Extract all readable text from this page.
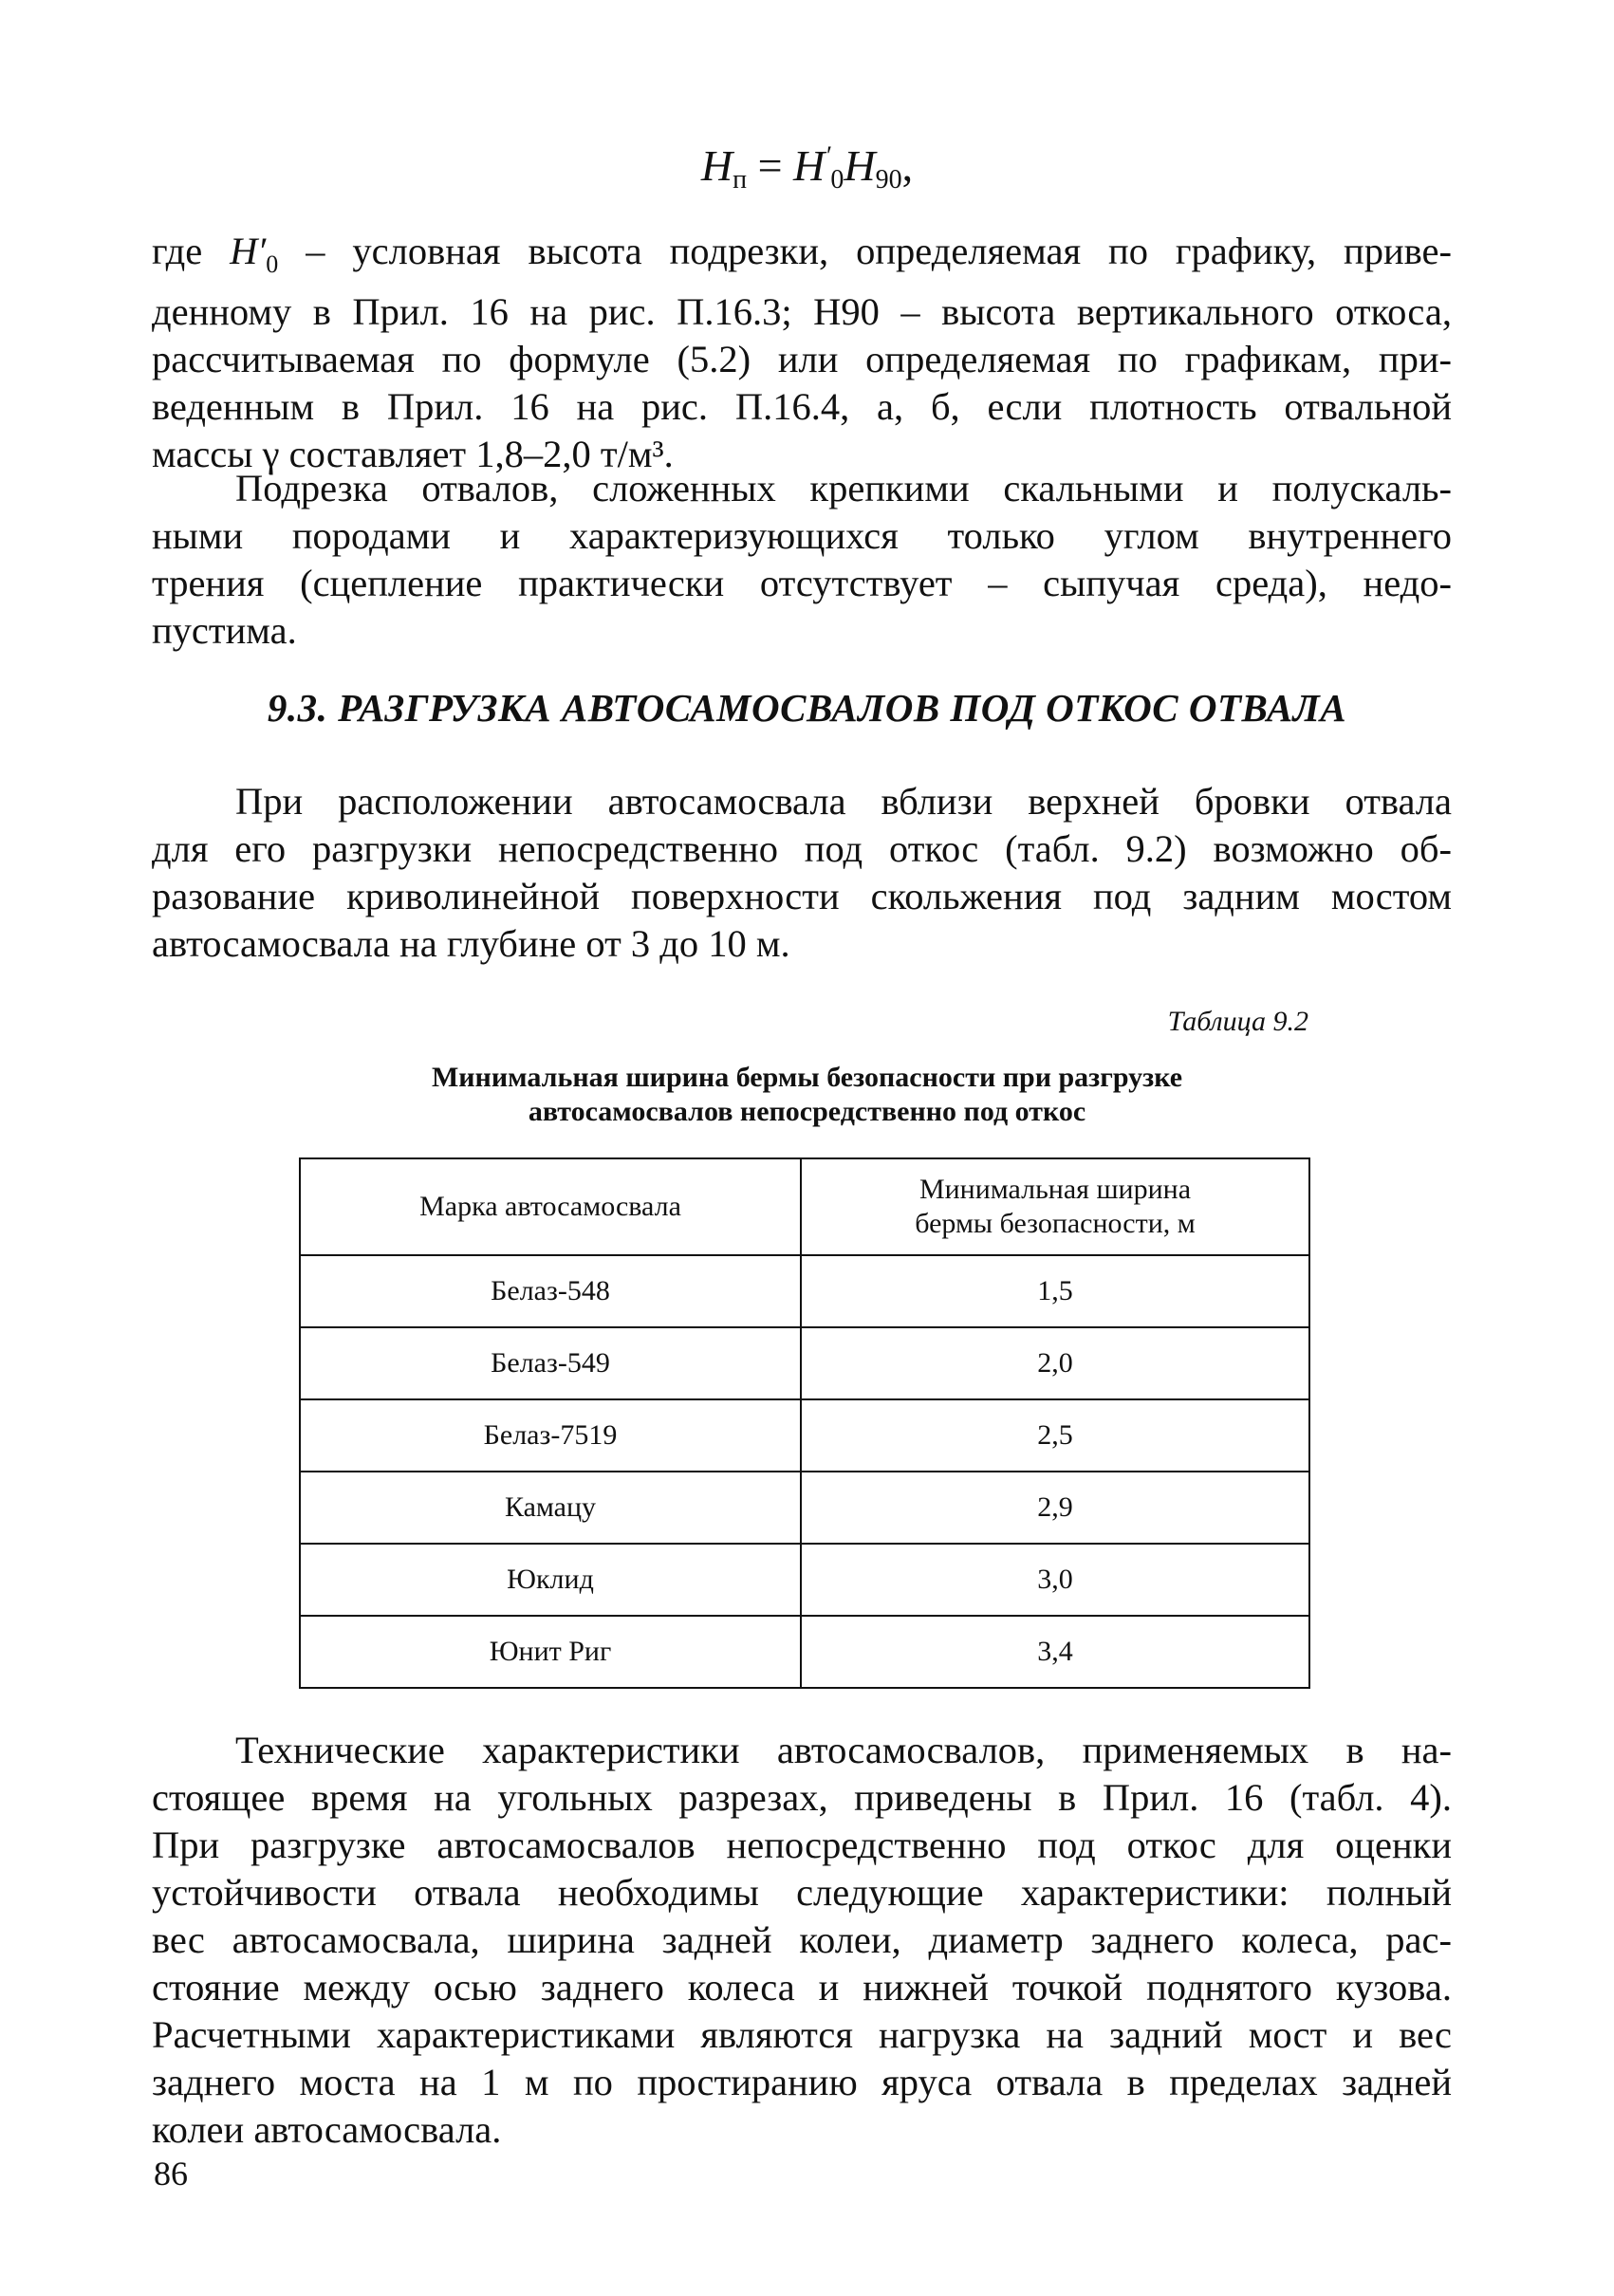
$H_п = H'_0H_{90}$,
где $H'_0$ – условная высота подрезки, определяемая по графику, приве-
денному в Прил. 16 на рис. П.16.3; H90 – высота вертикального откоса,
рассчитываемая по формуле (5.2) или определяемая по графикам, при-
веденным в Прил. 16 на рис. П.16.4, а, б, если плотность отвальной
массы γ составляет 1,8–2,0 т/м³.
Подрезка отвалов, сложенных крепкими скальными и полускаль-
ными породами и характеризующихся только углом внутреннего
трения (сцепление практически отсутствует – сыпучая среда), недо-
пустима.
9.3. РАЗГРУЗКА АВТОСАМОСВАЛОВ ПОД ОТКОС ОТВАЛА
При расположении автосамосвала вблизи верхней бровки отвала
для его разгрузки непосредственно под откос (табл. 9.2) возможно об-
разование криволинейной поверхности скольжения под задним мостом
автосамосвала на глубине от 3 до 10 м.
Таблица 9.2
Минимальная ширина бермы безопасности при разгрузке
автосамосвалов непосредственно под откос
Марка автосамосвала	Минимальная ширина
бермы безопасности, м

Белаз-548	1,5
Белаз-549	2,0
Белаз-7519	2,5
Камацу	2,9
Юклид	3,0
Юнит Риг	3,4
Технические характеристики автосамосвалов, применяемых в на-
стоящее время на угольных разрезах, приведены в Прил. 16 (табл. 4).
При разгрузке автосамосвалов непосредственно под откос для оценки
устойчивости отвала необходимы следующие характеристики: полный
вес автосамосвала, ширина задней колеи, диаметр заднего колеса, рас-
стояние между осью заднего колеса и нижней точкой поднятого кузова.
Расчетными характеристиками являются нагрузка на задний мост и вес
заднего моста на 1 м по простиранию яруса отвала в пределах задней
колеи автосамосвала.
86
